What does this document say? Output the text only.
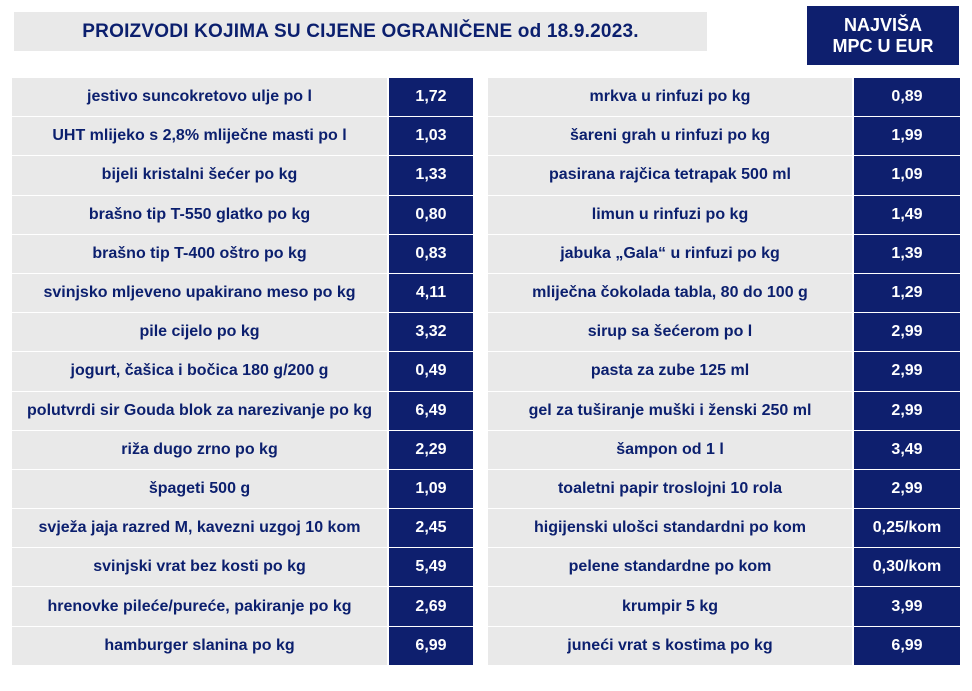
PROIZVODI KOJIMA SU CIJENE OGRANIČENE od 18.9.2023.	NAJVIŠA
MPC U EUR
jestivo suncokretovo ulje po l	1,72
UHT mlijeko s 2,8% mliječne masti po l	1,03
bijeli kristalni šećer po kg	1,33
brašno tip T-550 glatko po kg	0,80
brašno tip T-400 oštro po kg	0,83
svinjsko mljeveno upakirano meso po kg	4,11
pile cijelo po kg	3,32
jogurt, čašica i bočica 180 g/200 g	0,49
polutvrdi sir Gouda blok za narezivanje po kg	6,49
riža dugo zrno po kg	2,29
špageti 500 g	1,09
svježa jaja razred M, kavezni uzgoj 10 kom	2,45
svinjski vrat bez kosti po kg	5,49
hrenovke pileće/pureće, pakiranje po kg	2,69
hamburger slanina po kg	6,99
mrkva u rinfuzi po kg	0,89
šareni grah u rinfuzi po kg	1,99
pasirana rajčica tetrapak 500 ml	1,09
limun u rinfuzi po kg	1,49
jabuka „Gala“ u rinfuzi po kg	1,39
mliječna čokolada tabla, 80 do 100 g	1,29
sirup sa šećerom po l	2,99
pasta za zube 125 ml	2,99
gel za tuširanje muški i ženski 250 ml	2,99
šampon od 1 l	3,49
toaletni papir troslojni 10 rola	2,99
higijenski ulošci standardni po kom	0,25/kom
pelene standardne po kom	0,30/kom
krumpir 5 kg	3,99
juneći vrat s kostima po kg	6,99
